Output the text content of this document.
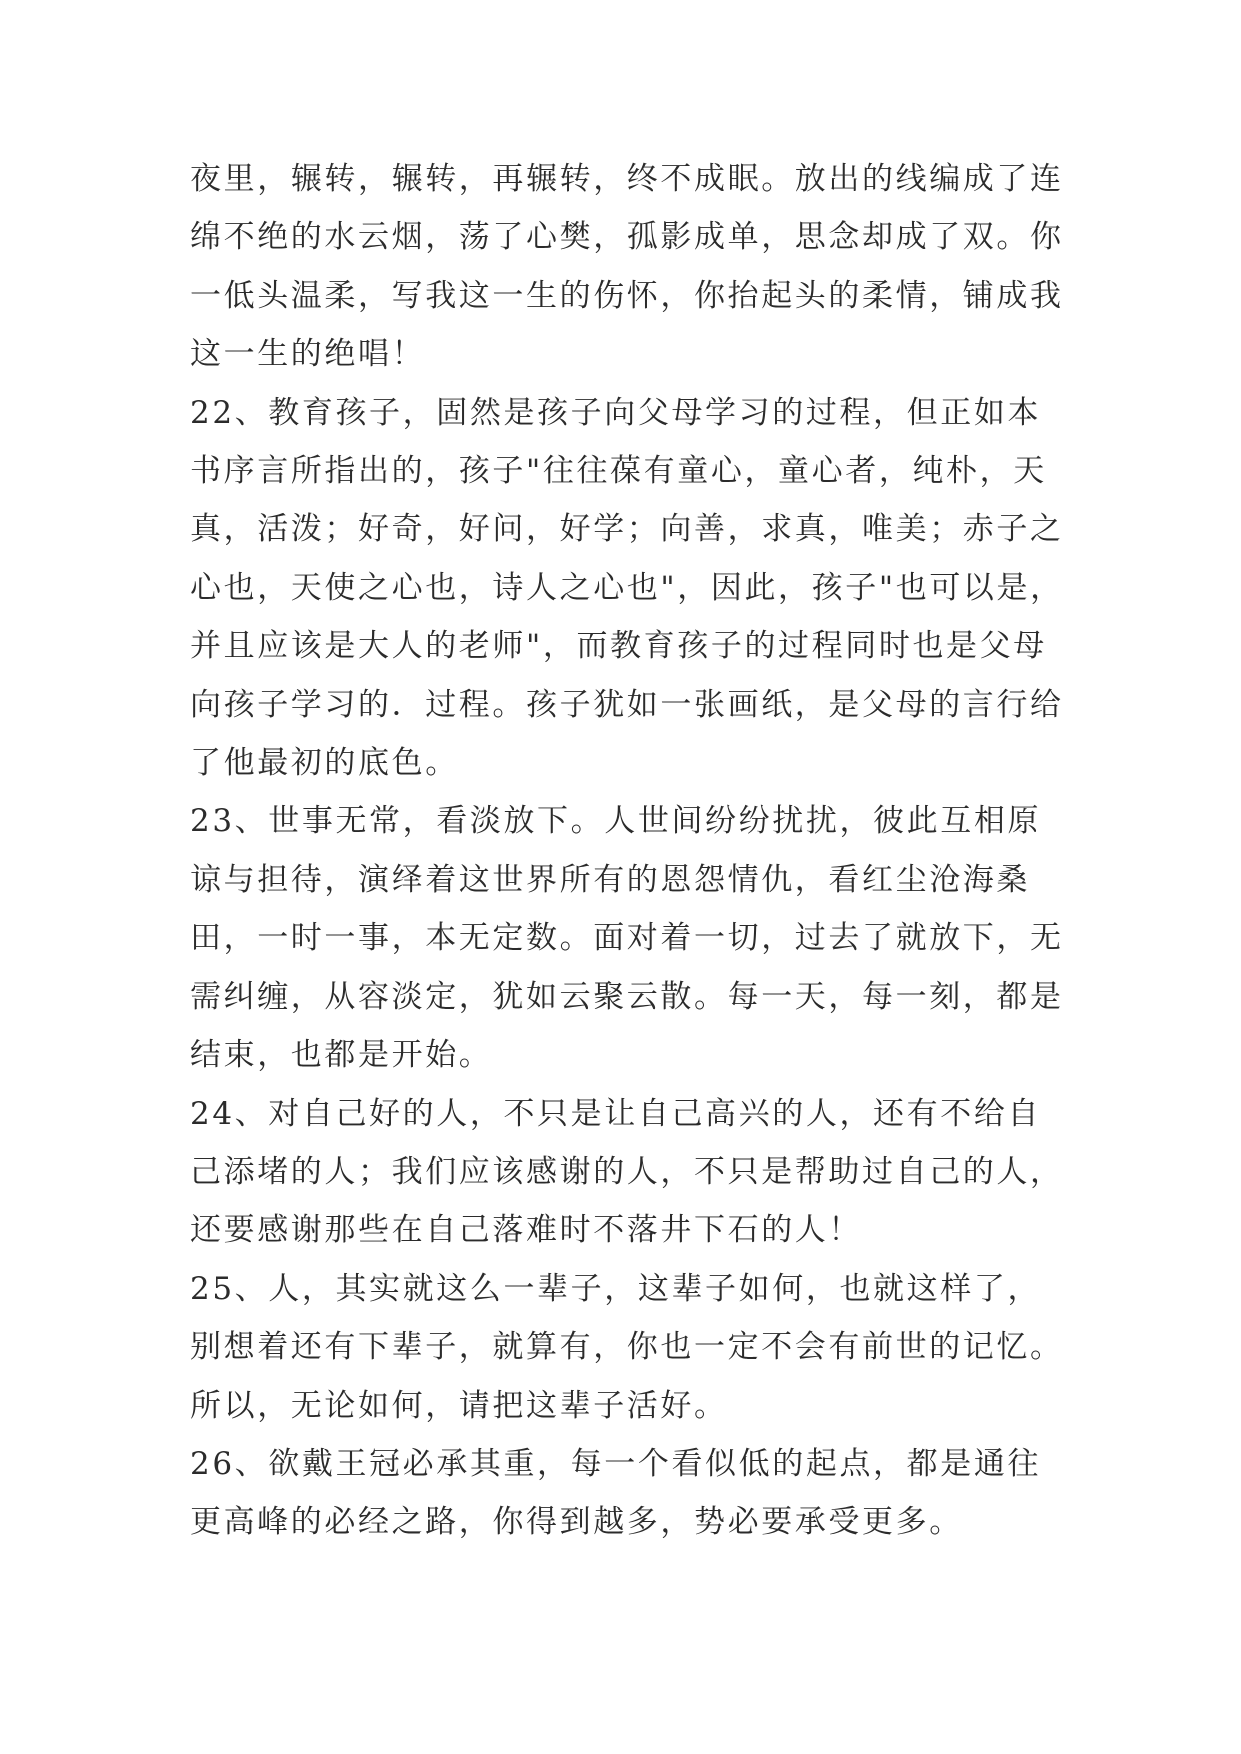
夜里，辗转，辗转，再辗转，终不成眠。放出的线编成了连绵不绝的水云烟，荡了心樊，孤影成单，思念却成了双。你一低头温柔，写我这一生的伤怀，你抬起头的柔情，铺成我这一生的绝唱！

22、教育孩子，固然是孩子向父母学习的过程，但正如本书序言所指出的，孩子"往往葆有童心，童心者，纯朴，天真，活泼；好奇，好问，好学；向善，求真，唯美；赤子之心也，天使之心也，诗人之心也"，因此，孩子"也可以是，并且应该是大人的老师"，而教育孩子的过程同时也是父母向孩子学习的．过程。孩子犹如一张画纸，是父母的言行给了他最初的底色。

23、世事无常，看淡放下。人世间纷纷扰扰，彼此互相原谅与担待，演绎着这世界所有的恩怨情仇，看红尘沧海桑田，一时一事，本无定数。面对着一切，过去了就放下，无需纠缠，从容淡定，犹如云聚云散。每一天，每一刻，都是结束，也都是开始。

24、对自己好的人，不只是让自己高兴的人，还有不给自己添堵的人；我们应该感谢的人，不只是帮助过自己的人，还要感谢那些在自己落难时不落井下石的人！

25、人，其实就这么一辈子，这辈子如何，也就这样了，别想着还有下辈子，就算有，你也一定不会有前世的记忆。所以，无论如何，请把这辈子活好。

26、欲戴王冠必承其重，每一个看似低的起点，都是通往更高峰的必经之路，你得到越多，势必要承受更多。
